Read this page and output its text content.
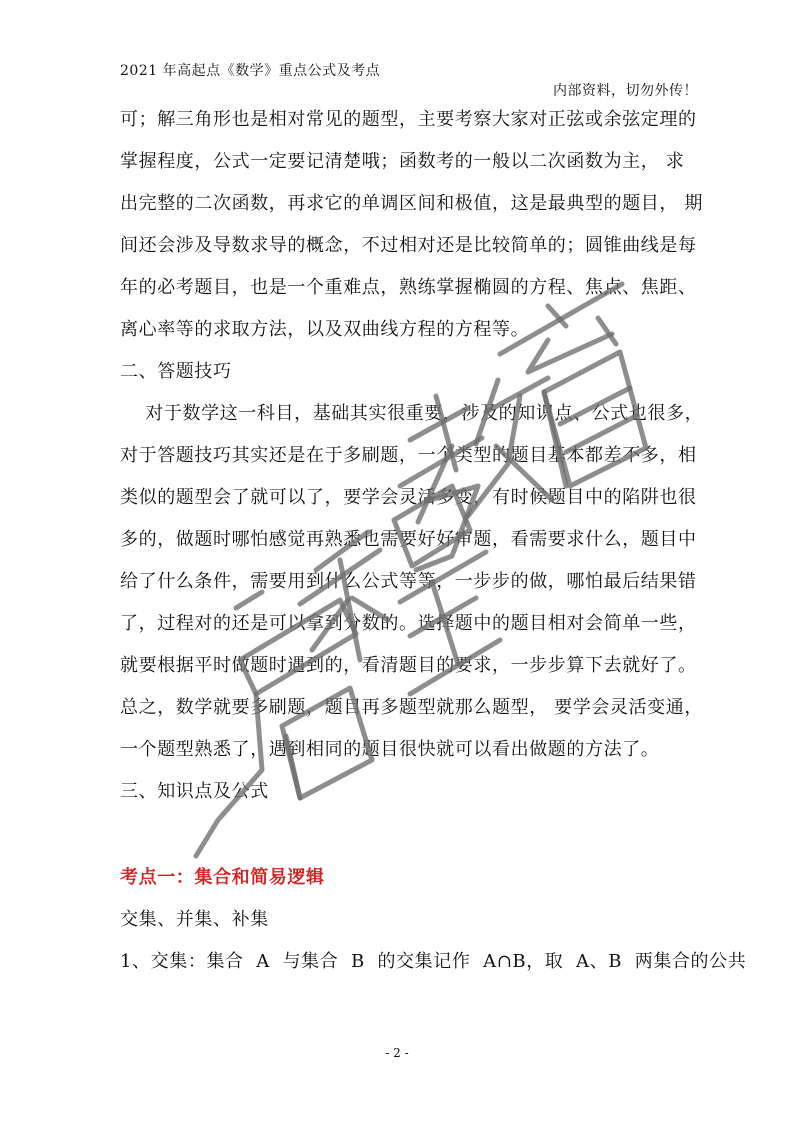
2021 年高起点《数学》重点公式及考点
内部资料，切勿外传！
可；解三角形也是相对常见的题型，主要考察大家对正弦或余弦定理的
掌握程度，公式一定要记清楚哦；函数考的一般以二次函数为主， 求
出完整的二次函数，再求它的单调区间和极值，这是最典型的题目， 期
间还会涉及导数求导的概念，不过相对还是比较简单的；圆锥曲线是每
年的必考题目，也是一个重难点，熟练掌握椭圆的方程、焦点、焦距、
离心率等的求取方法，以及双曲线方程的方程等。
二、答题技巧
对于数学这一科目，基础其实很重要，涉及的知识点、公式也很多，
对于答题技巧其实还是在于多刷题，一个类型的题目基本都差不多，相
类似的题型会了就可以了，要学会灵活多变，有时候题目中的陷阱也很
多的，做题时哪怕感觉再熟悉也需要好好审题，看需要求什么，题目中
给了什么条件，需要用到什么公式等等，一步步的做，哪怕最后结果错
了，过程对的还是可以拿到分数的。选择题中的题目相对会简单一些，
就要根据平时做题时遇到的，看清题目的要求，一步步算下去就好了。
总之，数学就要多刷题，题目再多题型就那么题型， 要学会灵活变通，
一个题型熟悉了，遇到相同的题目很快就可以看出做题的方法了。
三、知识点及公式
考点一：集合和简易逻辑
交集、并集、补集
1、交集：集合  A  与集合  B  的交集记作  A∩B，取  A、B  两集合的公共
- 2 -
